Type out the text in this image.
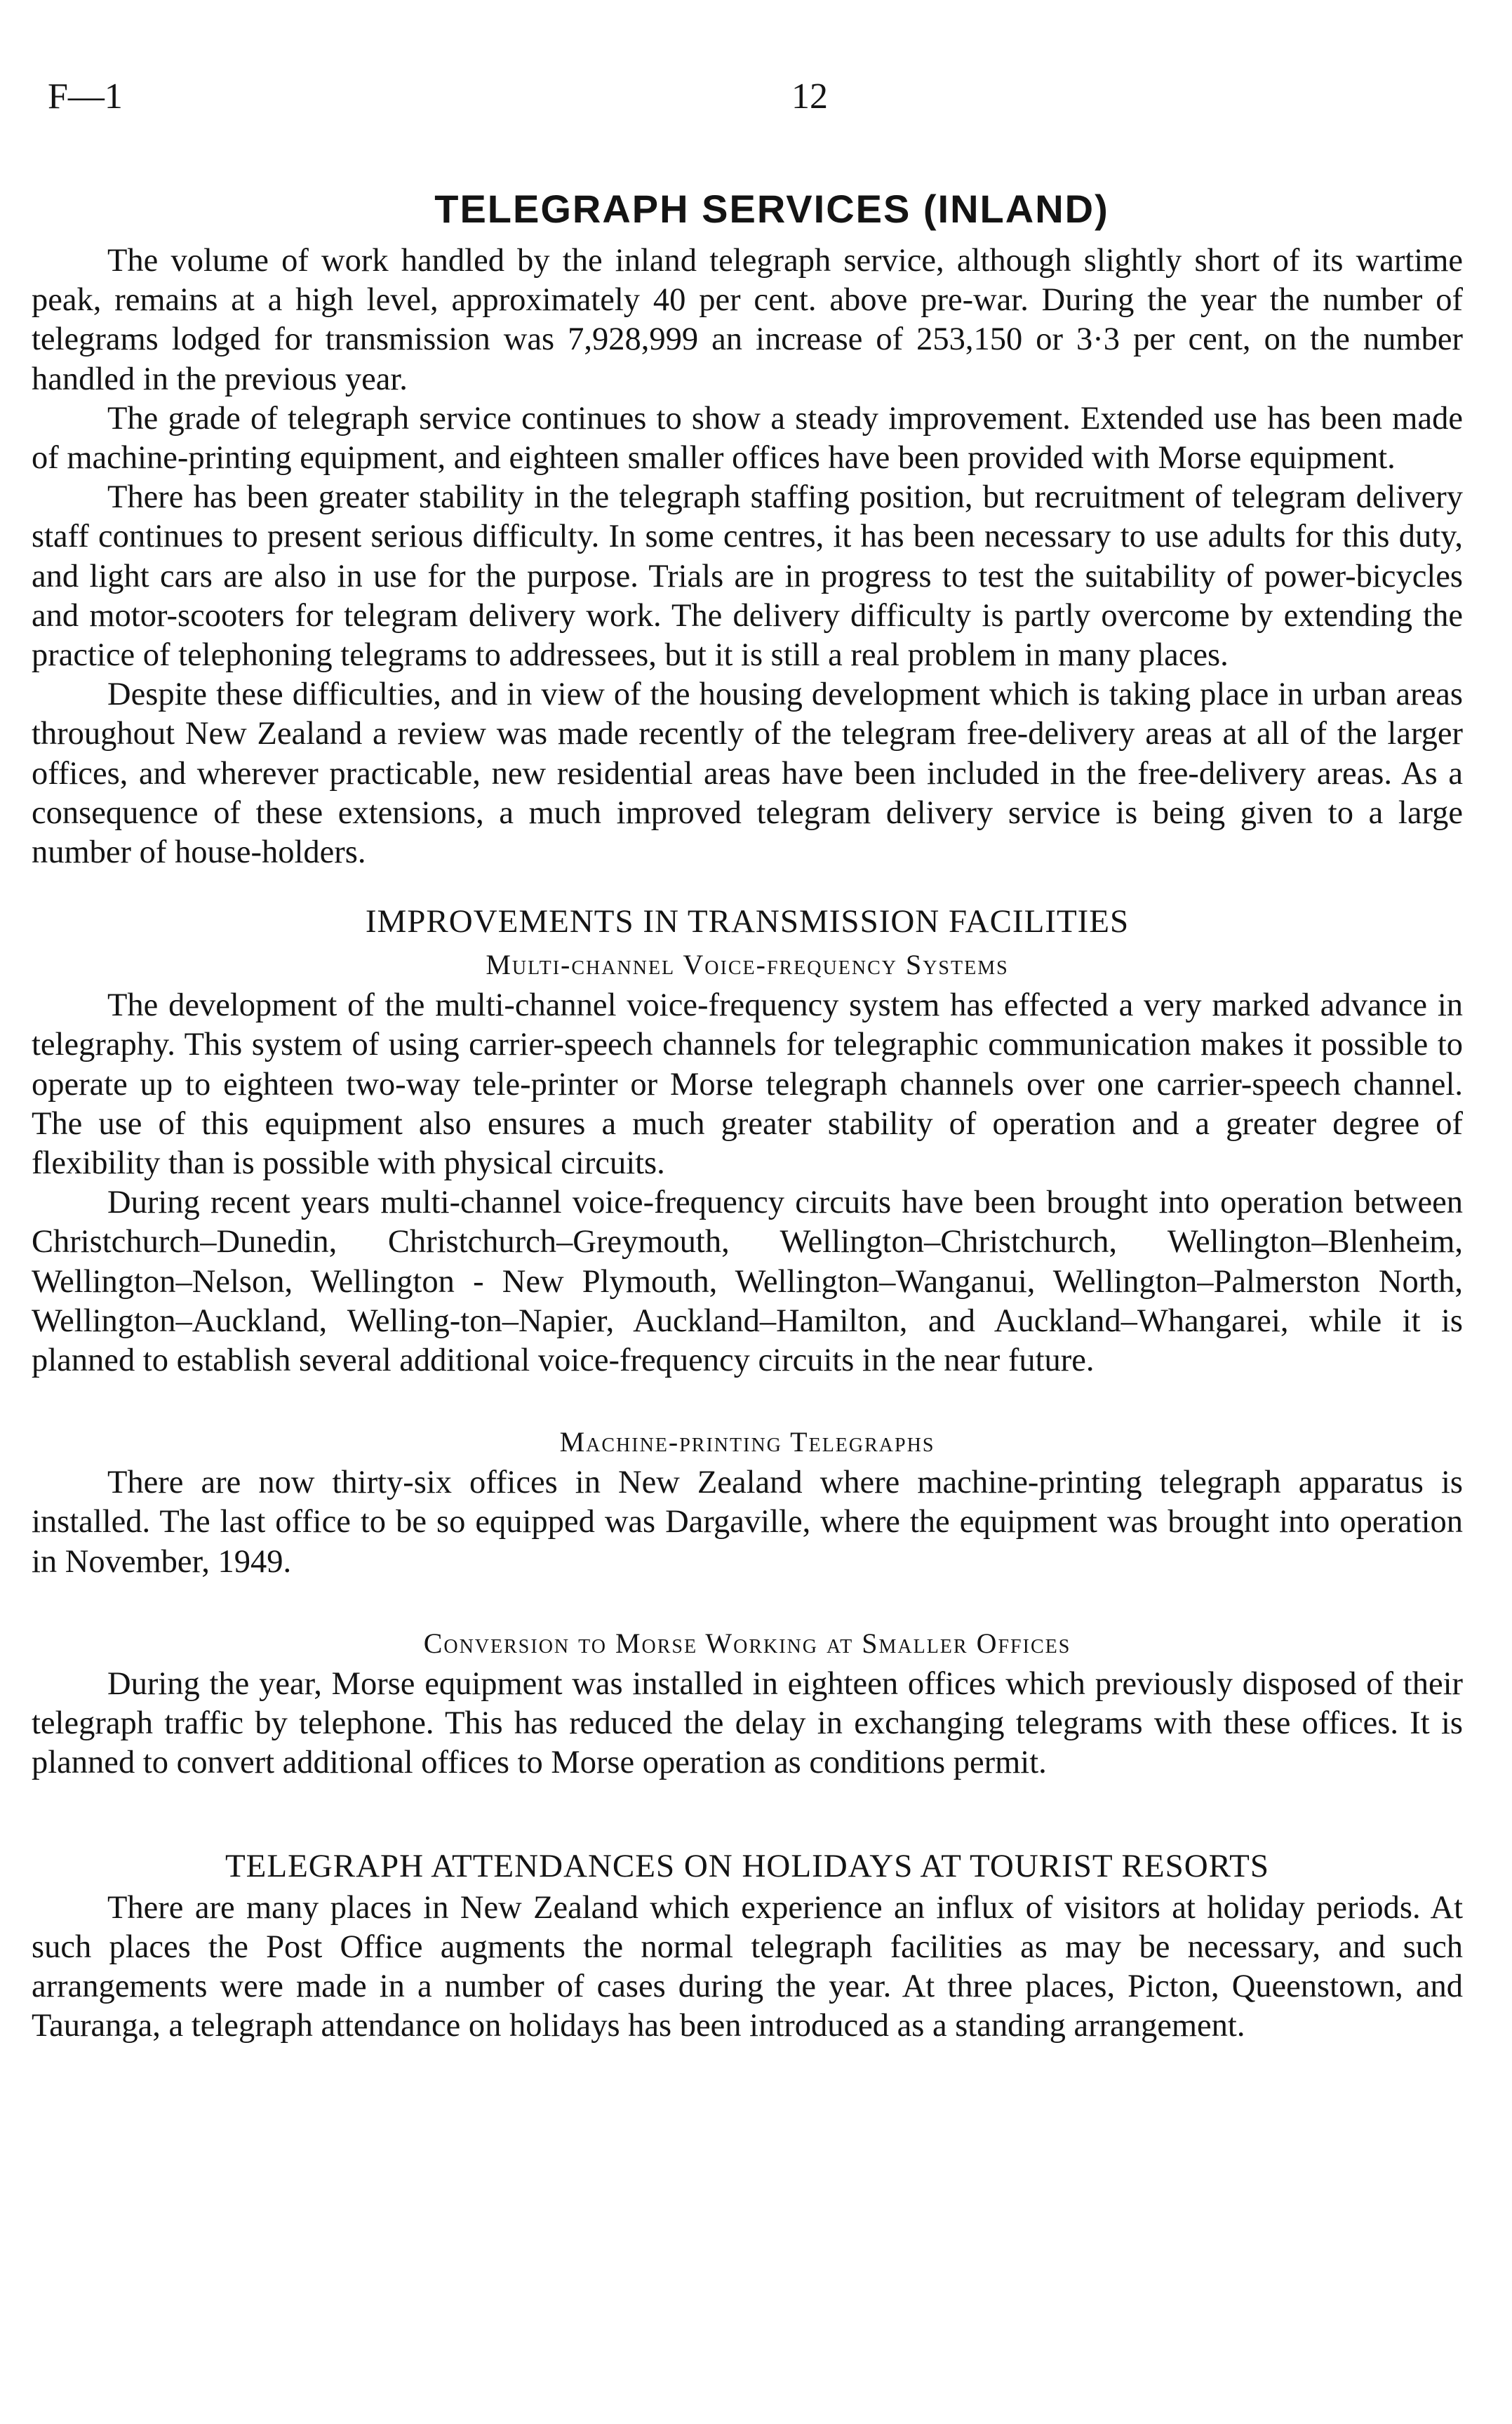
F—1	12
TELEGRAPH SERVICES (INLAND)

The volume of work handled by the inland telegraph service, although slightly short of its wartime peak, remains at a high level, approximately 40 per cent. above pre-war. During the year the number of telegrams lodged for transmission was 7,928,999 an increase of 253,150 or 3·3 per cent, on the number handled in the previous year.

The grade of telegraph service continues to show a steady improvement. Extended use has been made of machine-printing equipment, and eighteen smaller offices have been provided with Morse equipment.

There has been greater stability in the telegraph staffing position, but recruitment of telegram delivery staff continues to present serious difficulty. In some centres, it has been necessary to use adults for this duty, and light cars are also in use for the purpose. Trials are in progress to test the suitability of power-bicycles and motor-scooters for telegram delivery work. The delivery difficulty is partly overcome by extending the practice of telephoning telegrams to addressees, but it is still a real problem in many places.

Despite these difficulties, and in view of the housing development which is taking place in urban areas throughout New Zealand a review was made recently of the telegram free-delivery areas at all of the larger offices, and wherever practicable, new residential areas have been included in the free-delivery areas. As a consequence of these extensions, a much improved telegram delivery service is being given to a large number of house-holders.

IMPROVEMENTS IN TRANSMISSION FACILITIES
Multi-channel Voice-frequency Systems

The development of the multi-channel voice-frequency system has effected a very marked advance in telegraphy. This system of using carrier-speech channels for telegraphic communication makes it possible to operate up to eighteen two-way tele-printer or Morse telegraph channels over one carrier-speech channel. The use of this equipment also ensures a much greater stability of operation and a greater degree of flexibility than is possible with physical circuits.

During recent years multi-channel voice-frequency circuits have been brought into operation between Christchurch–Dunedin, Christchurch–Greymouth, Wellington–Christchurch, Wellington–Blenheim, Wellington–Nelson, Wellington - New Plymouth, Wellington–Wanganui, Wellington–Palmerston North, Wellington–Auckland, Welling-ton–Napier, Auckland–Hamilton, and Auckland–Whangarei, while it is planned to establish several additional voice-frequency circuits in the near future.

Machine-printing Telegraphs

There are now thirty-six offices in New Zealand where machine-printing telegraph apparatus is installed. The last office to be so equipped was Dargaville, where the equipment was brought into operation in November, 1949.

Conversion to Morse Working at Smaller Offices

During the year, Morse equipment was installed in eighteen offices which previously disposed of their telegraph traffic by telephone. This has reduced the delay in exchanging telegrams with these offices. It is planned to convert additional offices to Morse operation as conditions permit.

TELEGRAPH ATTENDANCES ON HOLIDAYS AT TOURIST RESORTS

There are many places in New Zealand which experience an influx of visitors at holiday periods. At such places the Post Office augments the normal telegraph facilities as may be necessary, and such arrangements were made in a number of cases during the year. At three places, Picton, Queenstown, and Tauranga, a telegraph attendance on holidays has been introduced as a standing arrangement.
